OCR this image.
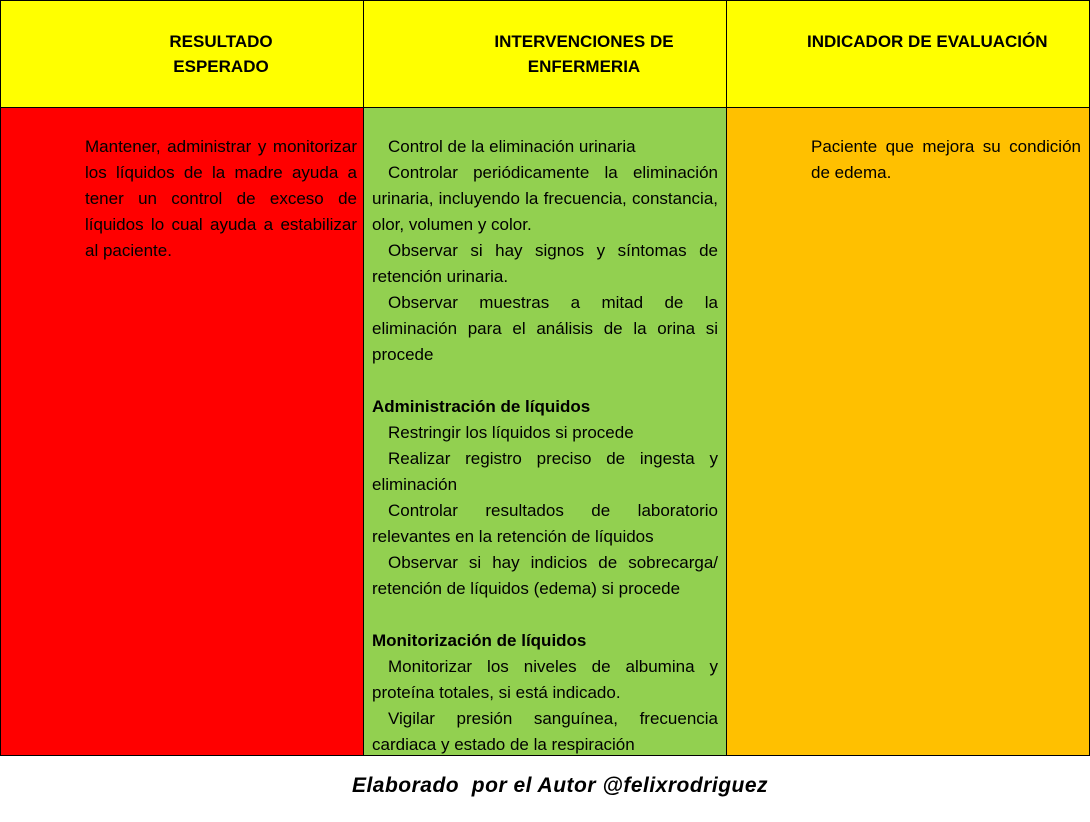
RESULTADO
ESPERADO
INTERVENCIONES DE
ENFERMERIA
INDICADOR DE EVALUACIÓN
Mantener, administrar y monitorizar los líquidos de la madre ayuda a tener un control de exceso de líquidos lo cual ayuda a estabilizar al paciente.

Control de la eliminación urinaria

Controlar periódicamente la eliminación urinaria, incluyendo la frecuencia, constancia, olor, volumen y color.

Observar si hay signos y síntomas de retención urinaria.

Observar muestras a mitad de la eliminación para el análisis de la orina si procede

Administración de líquidos

Restringir los líquidos si procede

Realizar registro preciso de ingesta y eliminación

Controlar resultados de laboratorio relevantes en la retención de líquidos

Observar si hay indicios de sobrecarga/ retención de líquidos (edema) si procede

Monitorización de líquidos

Monitorizar los niveles de albumina y proteína totales, si está indicado.

Vigilar presión sanguínea, frecuencia cardiaca y estado de la respiración

Paciente que mejora su condición de edema.
Elaborado  por el Autor @felixrodriguez
